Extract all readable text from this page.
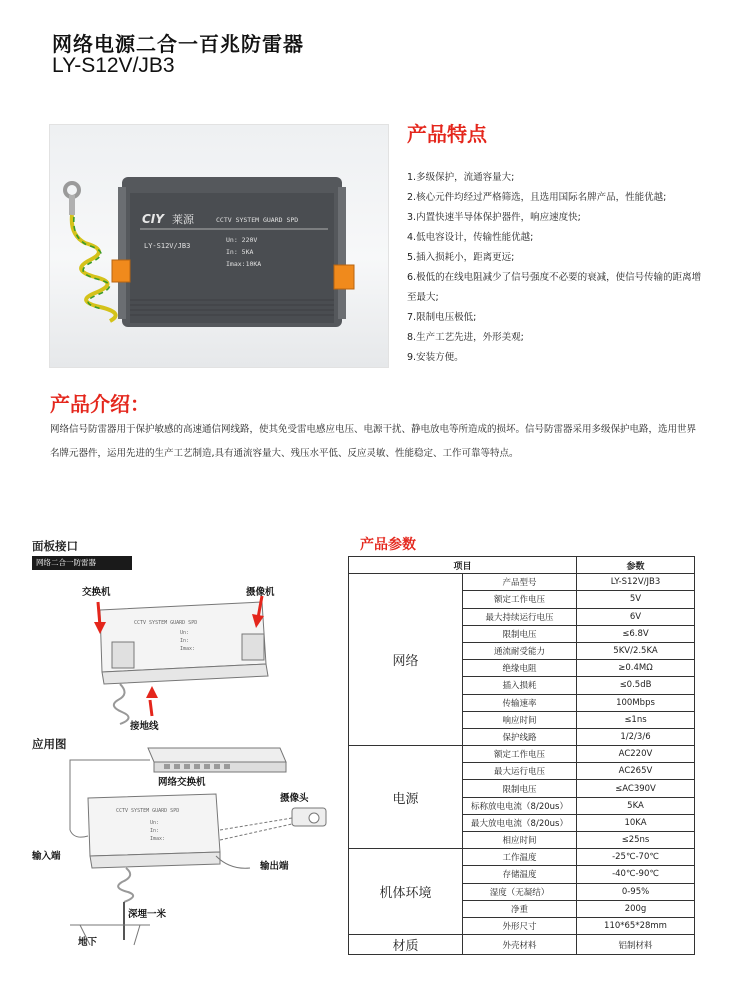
网络电源二合一百兆防雷器
LY-S12V/JB3
CIY 莱源	CCTV SYSTEM GUARD SPD
LY-S12V/JB3
Un: 220V
In: 5KA
Imax:10KA
产品特点
1.多级保护，流通容量大;
2.核心元件均经过严格筛选，且选用国际名牌产品，性能优越;
3.内置快速半导体保护器件，响应速度快;
4.低电容设计，传输性能优越;
5.插入损耗小，距离更远;
6.极低的在线电阻减少了信号强度不必要的衰减，使信号传输的距离增至最大;
7.限制电压极低;
8.生产工艺先进，外形美观;
9.安装方便。
产品介绍：
网络信号防雷器用于保护敏感的高速通信网线路，使其免受雷电感应电压、电源干扰、静电放电等所造成的损坏。信号防雷器采用多级保护电路，选用世界名牌元器件，运用先进的生产工艺制造,具有通流容量大、残压水平低、反应灵敏、性能稳定、工作可靠等特点。
面板接口
网络二合一防雷器
CCTV SYSTEM GUARD SPD
Un:
In:
Imax:
交换机	摄像机
接地线
应用图
CCTV SYSTEM GUARD SPD
Un:
In:
Imax:
网络交换机
摄像头
输入端
输出端
深埋一米
地下
产品参数
项目		参数
网络	产品型号	LY-S12V/JB3
	额定工作电压	5V
	最大持续运行电压	6V
	限制电压	≤6.8V
	通流耐受能力	5KV/2.5KA
	绝缘电阻	≥0.4MΩ
	插入损耗	≤0.5dB
	传输速率	100Mbps
	响应时间	≤1ns
	保护线路	1/2/3/6
电源	额定工作电压	AC220V
	最大运行电压	AC265V
	限制电压	≤AC390V
	标称放电电流（8/20us）	5KA
	最大放电电流（8/20us）	10KA
	相应时间	≤25ns
机体环境	工作温度	-25℃-70℃
	存储温度	-40℃-90℃
	湿度（无凝结）	0-95%
	净重	200g
	外形尺寸	110*65*28mm
材质	外壳材料	铝制材料
